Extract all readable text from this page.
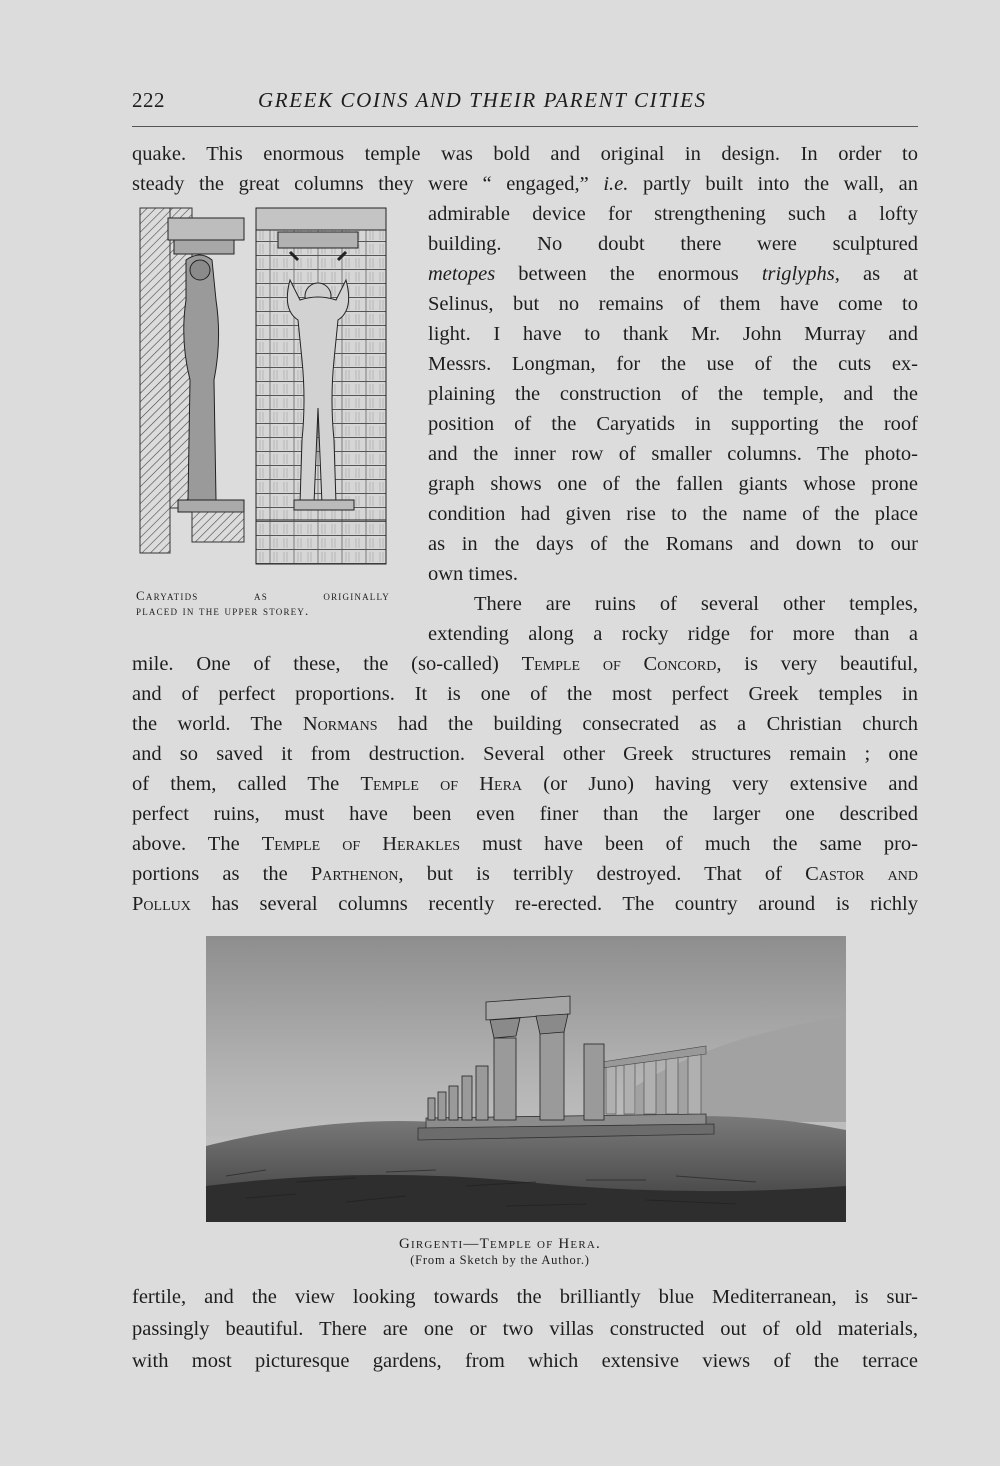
222	GREEK COINS AND THEIR PARENT CITIES
quake. This enormous temple was bold and original in design. In order to
steady the great columns they were “ engaged,” i.e. partly built into the wall, an
admirable device for strengthening such a lofty
building. No doubt there were sculptured
metopes between the enormous triglyphs, as at
Selinus, but no remains of them have come to
light. I have to thank Mr. John Murray and
Messrs. Longman, for the use of the cuts ex-
plaining the construction of the temple, and the
position of the Caryatids in supporting the roof
and the inner row of smaller columns. The photo-
graph shows one of the fallen giants whose prone
condition had given rise to the name of the place
as in the days of the Romans and down to our
own times.
Caryatids as originally
placed in the upper storey.	There are ruins of several other temples,
extending along a rocky ridge for more than a
mile. One of these, the (so-called) Temple of Concord, is very beautiful,
and of perfect proportions. It is one of the most perfect Greek temples in
the world. The Normans had the building consecrated as a Christian church
and so saved it from destruction. Several other Greek structures remain ; one
of them, called The Temple of Hera (or Juno) having very extensive and
perfect ruins, must have been even finer than the larger one described
above. The Temple of Herakles must have been of much the same pro-
portions as the Parthenon, but is terribly destroyed. That of Castor and
Pollux has several columns recently re-erected. The country around is richly
Girgenti—Temple of Hera.
(From a Sketch by the Author.)
fertile, and the view looking towards the brilliantly blue Mediterranean, is sur-
passingly beautiful. There are one or two villas constructed out of old materials,
with most picturesque gardens, from which extensive views of the terrace
